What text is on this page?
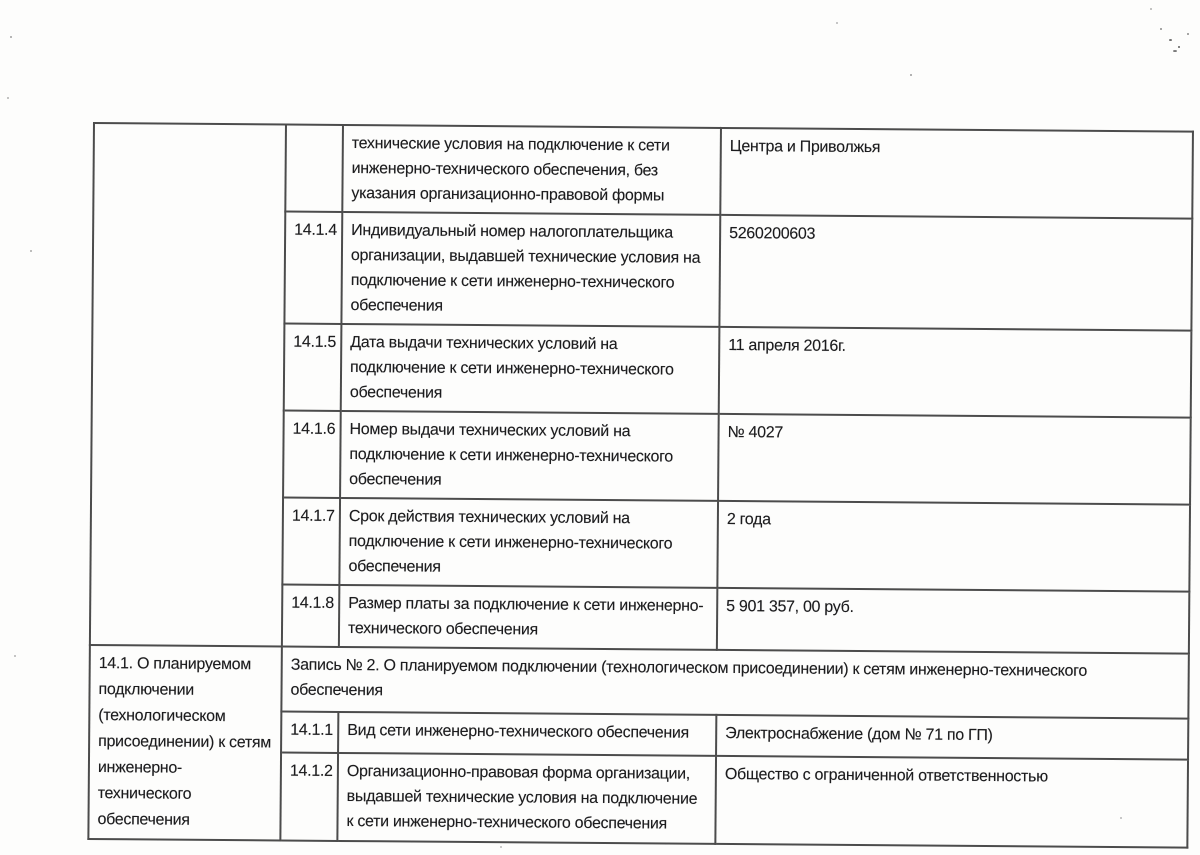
		технические условия на подключение к сети инженерно-технического обеспечения, без указания организационно-правовой формы	Центра и Приволжья
	14.1.4	Индивидуальный номер налогоплательщика организации, выдавшей технические условия на подключение к сети инженерно-технического обеспечения	5260200603
	14.1.5	Дата выдачи технических условий на подключение к сети инженерно-технического обеспечения	11 апреля 2016г.
	14.1.6	Номер выдачи технических условий на подключение к сети инженерно-технического обеспечения	№ 4027
	14.1.7	Срок действия технических условий на подключение к сети инженерно-технического обеспечения	2 года
	14.1.8	Размер платы за подключение к сети инженерно-технического обеспечения	5 901 357, 00 руб.
14.1. О планируемом подключении (технологическом присоединении) к сетям инженерно-технического обеспечения	Запись № 2. О планируемом подключении (технологическом присоединении) к сетям инженерно-технического обеспечения		
	14.1.1	Вид сети инженерно-технического обеспечения	Электроснабжение (дом № 71 по ГП)
	14.1.2	Организационно-правовая форма организации, выдавшей технические условия на подключение к сети инженерно-технического обеспечения	Общество с ограниченной ответственностью
